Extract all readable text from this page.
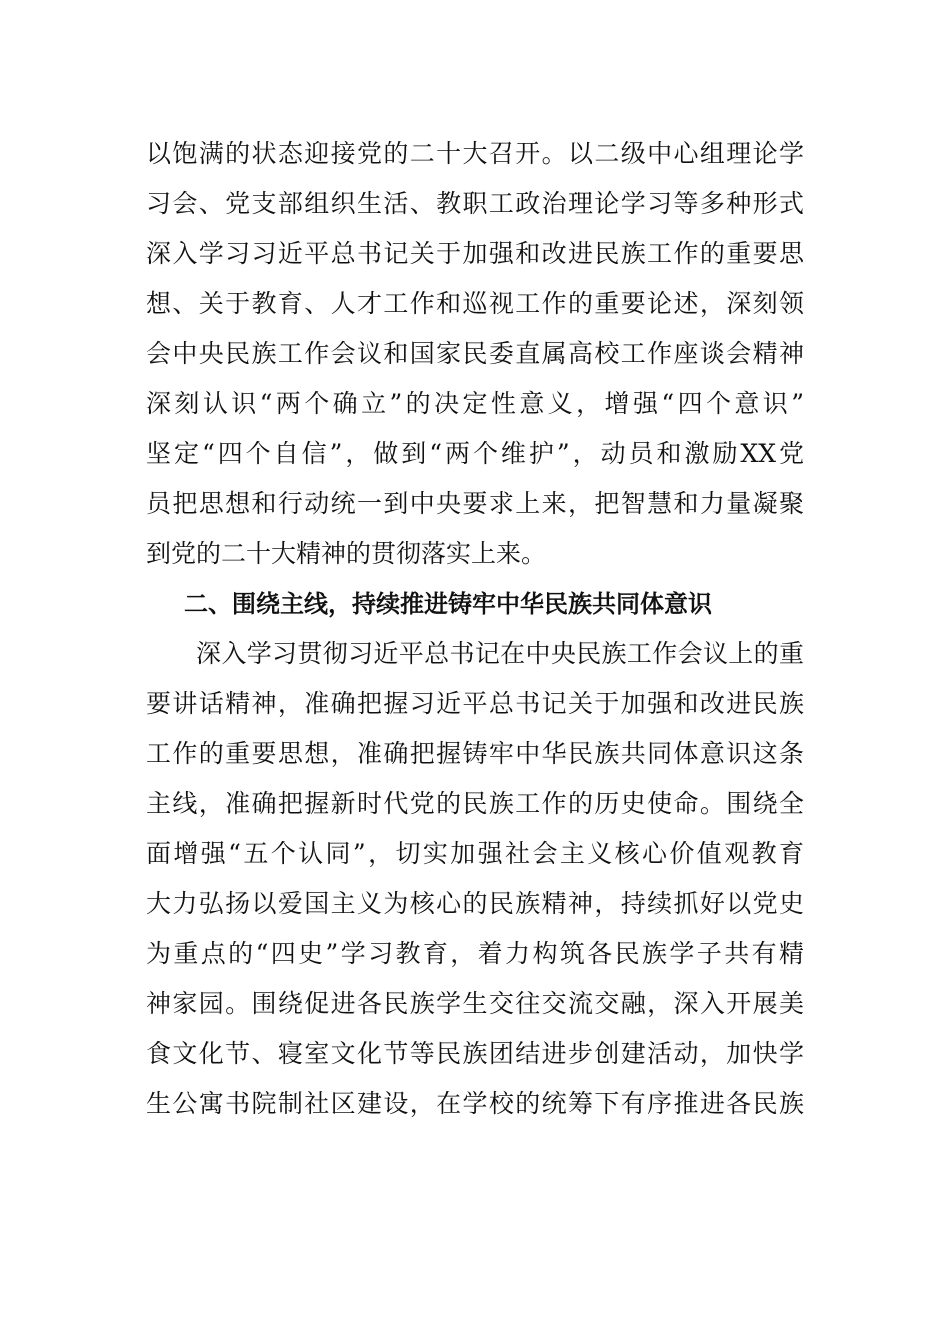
以饱满的状态迎接党的二十大召开。以二级中心组理论学
习会、党支部组织生活、教职工政治理论学习等多种形式
深入学习习近平总书记关于加强和改进民族工作的重要思
想、关于教育、人才工作和巡视工作的重要论述，深刻领
会中央民族工作会议和国家民委直属高校工作座谈会精神
深刻认识“两个确立”的决定性意义，增强“四个意识”
坚定“四个自信”，做到“两个维护”，动员和激励XX党
员把思想和行动统一到中央要求上来，把智慧和力量凝聚
到党的二十大精神的贯彻落实上来。
二、围绕主线，持续推进铸牢中华民族共同体意识
深入学习贯彻习近平总书记在中央民族工作会议上的重
要讲话精神，准确把握习近平总书记关于加强和改进民族
工作的重要思想，准确把握铸牢中华民族共同体意识这条
主线，准确把握新时代党的民族工作的历史使命。围绕全
面增强“五个认同”，切实加强社会主义核心价值观教育
大力弘扬以爱国主义为核心的民族精神，持续抓好以党史
为重点的“四史”学习教育，着力构筑各民族学子共有精
神家园。围绕促进各民族学生交往交流交融，深入开展美
食文化节、寝室文化节等民族团结进步创建活动，加快学
生公寓书院制社区建设，在学校的统筹下有序推进各民族
